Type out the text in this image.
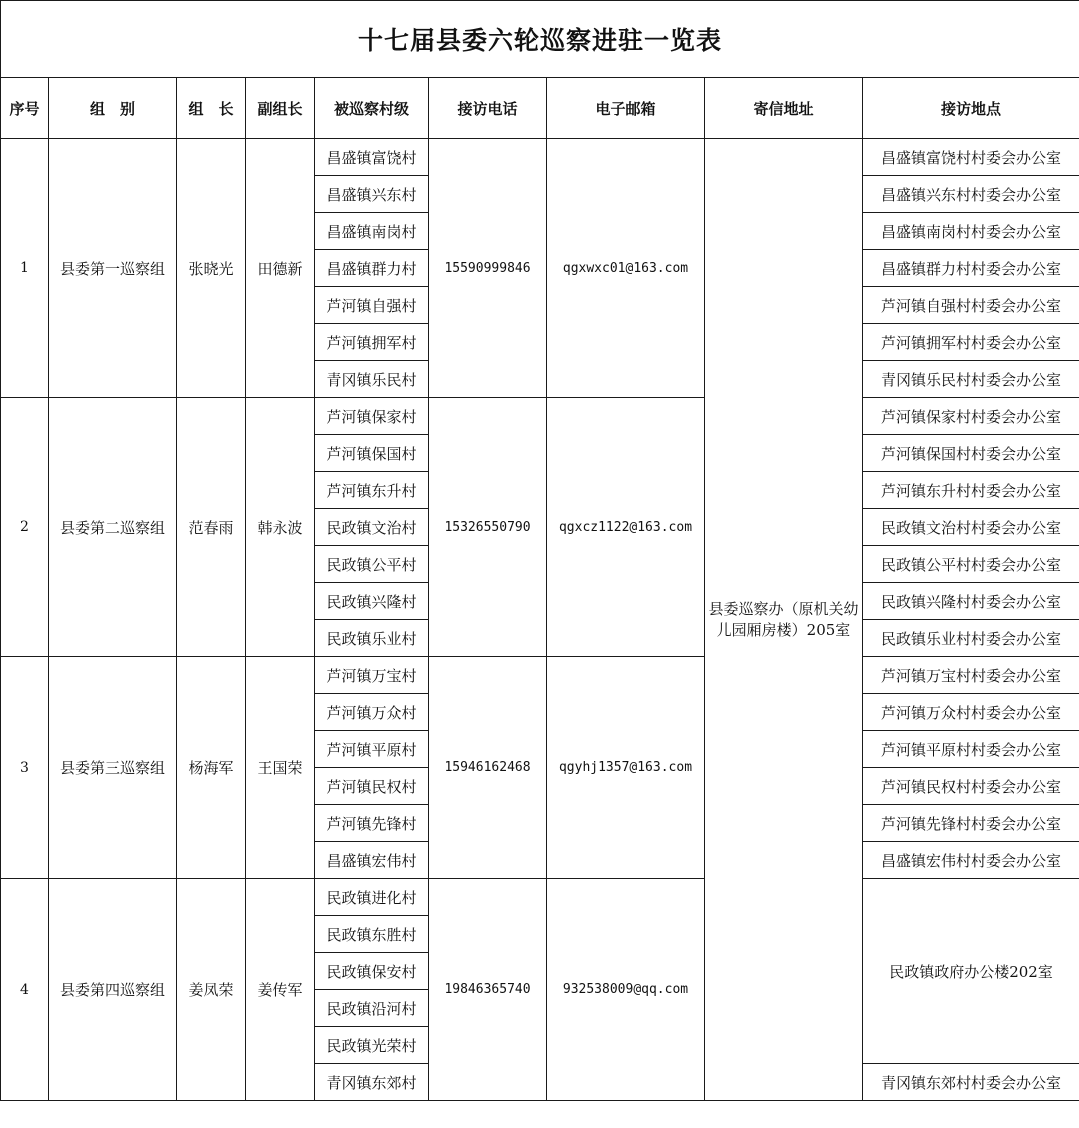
十七届县委六轮巡察进驻一览表								
序号	组　别	组　长	副组长	被巡察村级	接访电话	电子邮箱	寄信地址	接访地点
1	县委第一巡察组	张晓光	田德新	昌盛镇富饶村	15590999846	qgxwxc01@163.com	县委巡察办（原机关幼儿园厢房楼）205室	昌盛镇富饶村村委会办公室
				昌盛镇兴东村				昌盛镇兴东村村委会办公室
				昌盛镇南岗村				昌盛镇南岗村村委会办公室
				昌盛镇群力村				昌盛镇群力村村委会办公室
				芦河镇自强村				芦河镇自强村村委会办公室
				芦河镇拥军村				芦河镇拥军村村委会办公室
				青冈镇乐民村				青冈镇乐民村村委会办公室
2	县委第二巡察组	范春雨	韩永波	芦河镇保家村	15326550790	qgxcz1122@163.com		芦河镇保家村村委会办公室
				芦河镇保国村				芦河镇保国村村委会办公室
				芦河镇东升村				芦河镇东升村村委会办公室
				民政镇文治村				民政镇文治村村委会办公室
				民政镇公平村				民政镇公平村村委会办公室
				民政镇兴隆村				民政镇兴隆村村委会办公室
				民政镇乐业村				民政镇乐业村村委会办公室
3	县委第三巡察组	杨海军	王国荣	芦河镇万宝村	15946162468	qgyhj1357@163.com		芦河镇万宝村村委会办公室
				芦河镇万众村				芦河镇万众村村委会办公室
				芦河镇平原村				芦河镇平原村村委会办公室
				芦河镇民权村				芦河镇民权村村委会办公室
				芦河镇先锋村				芦河镇先锋村村委会办公室
				昌盛镇宏伟村				昌盛镇宏伟村村委会办公室
4	县委第四巡察组	姜凤荣	姜传军	民政镇进化村	19846365740	932538009@qq.com		民政镇政府办公楼202室
				民政镇东胜村				
				民政镇保安村				
				民政镇沿河村				
				民政镇光荣村				
				青冈镇东郊村				青冈镇东郊村村委会办公室
